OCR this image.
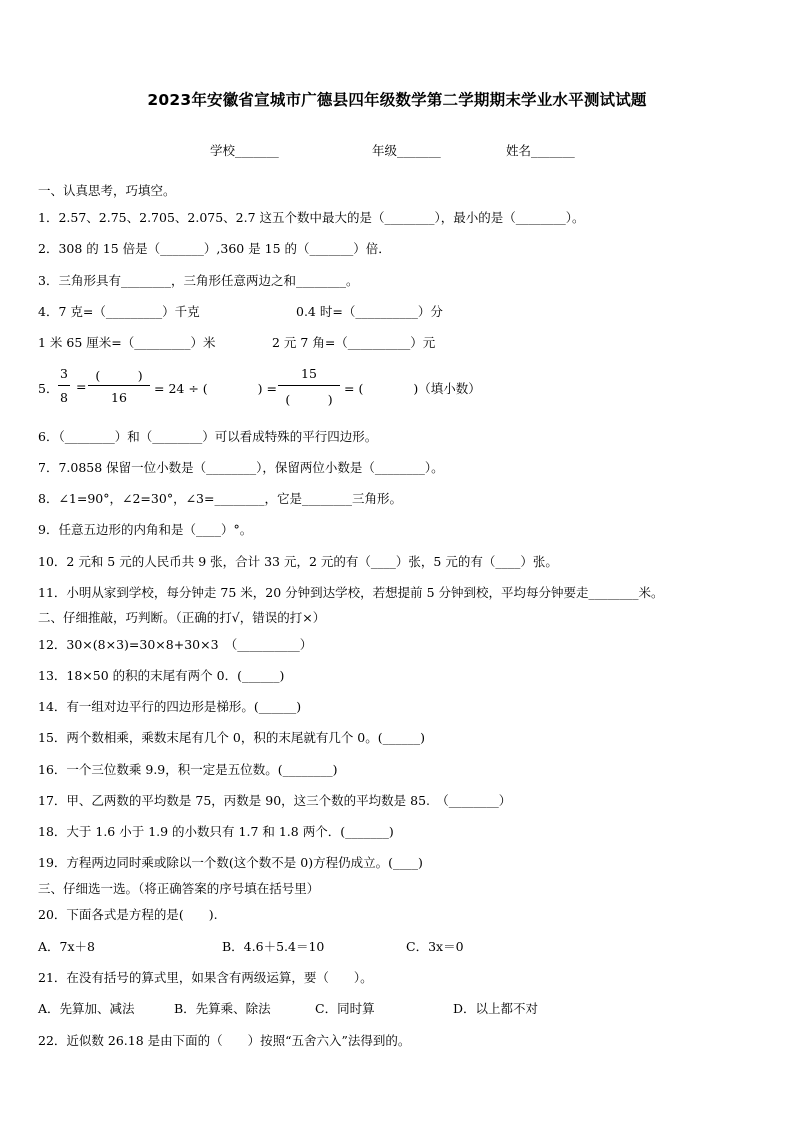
2023年安徽省宣城市广德县四年级数学第二学期期末学业水平测试试题
学校_______	年级_______	姓名_______
一、认真思考，巧填空。
1．2.57、2.75、2.705、2.075、2.7 这五个数中最大的是（________），最小的是（________）。
2．308 的 15 倍是（_______）,360 是 15 的（_______）倍．
3．三角形具有________，三角形任意两边之和________。
4．7 克=（_________）千克	0.4 时=（__________）分
1 米 65 厘米=（_________）米	2 元 7 角=（__________）元
5．
3
8
=
(　　　)
16
= 24 ÷ (　　　　) =
15
(　　　)
= (　　　　)（填小数）
6．（________）和（________）可以看成特殊的平行四边形。
7．7.0858 保留一位小数是（________），保留两位小数是（________）。
8．∠1=90°，∠2=30°，∠3=________，它是________三角形。
9．任意五边形的内角和是（____）°。
10．2 元和 5 元的人民币共 9 张，合计 33 元，2 元的有（____）张，5 元的有（____）张。
11．小明从家到学校，每分钟走 75 米，20 分钟到达学校，若想提前 5 分钟到校，平均每分钟要走________米。
二、仔细推敲，巧判断。（正确的打√，错误的打×）
12．30×(8×3)=30×8+30×3　（__________）
13．18×50 的积的末尾有两个 0．(______)
14．有一组对边平行的四边形是梯形。(______)
15．两个数相乘，乘数末尾有几个 0，积的末尾就有几个 0。(______)
16．一个三位数乘 9.9，积一定是五位数。(________)
17．甲、乙两数的平均数是 75，丙数是 90，这三个数的平均数是 85.　（________）
18．大于 1.6 小于 1.9 的小数只有 1.7 和 1.8 两个．(_______)
19．方程两边同时乘或除以一个数(这个数不是 0)方程仍成立。(____)
三、仔细选一选。（将正确答案的序号填在括号里）
20．下面各式是方程的是(　　).
A．7x＋8	B．4.6＋5.4＝10	C．3x＝0
21．在没有括号的算式里，如果含有两级运算，要（　　）。
A．先算加、减法	B．先算乘、除法	C．同时算	D．以上都不对
22．近似数 26.18 是由下面的（　　）按照“五舍六入”法得到的。
